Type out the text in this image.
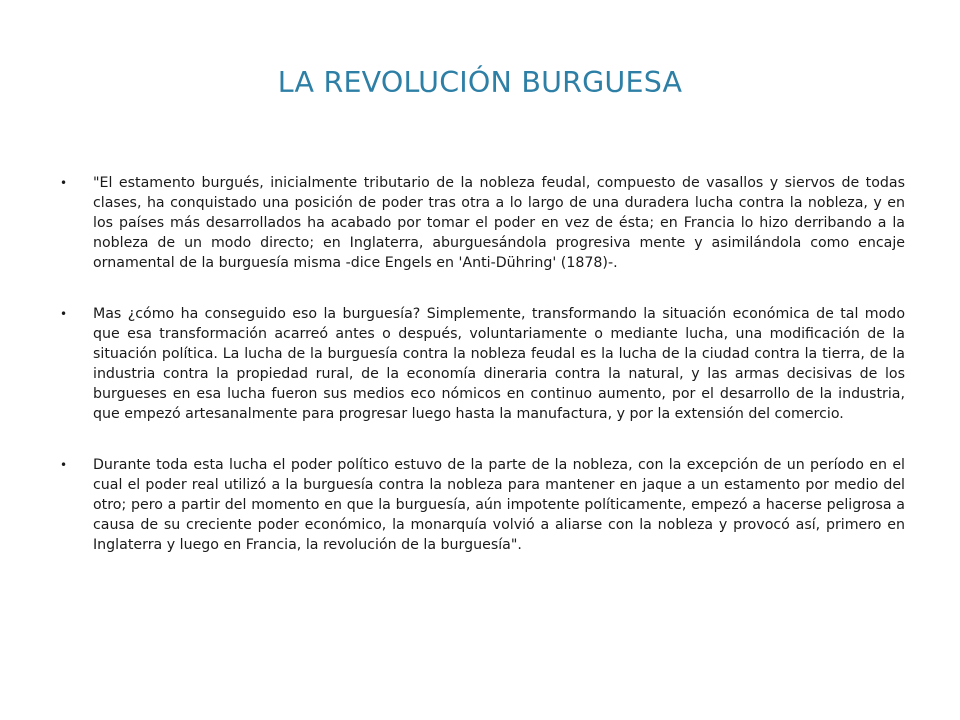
LA REVOLUCIÓN BURGUESA
• "El estamento burgués, inicialmente tributario de la nobleza feudal, compuesto de vasallos y siervos de todas clases, ha conquistado una posición de poder tras otra a lo largo de una duradera lucha contra la nobleza, y en los países más desarrollados ha acabado por tomar el poder en vez de ésta; en Francia lo hizo derribando a la nobleza de un modo directo; en Inglaterra, aburguesándola progresiva mente y asimilándola como encaje ornamental de la burguesía misma -dice Engels en 'Anti-Dühring' (1878)-.
• Mas ¿cómo ha conseguido eso la burguesía? Simplemente, transformando la situación económica de tal modo que esa transformación acarreó antes o después, voluntariamente o mediante lucha, una modificación de la situación política. La lucha de la burguesía contra la nobleza feudal es la lucha de la ciudad contra la tierra, de la industria contra la propiedad rural, de la economía dineraria contra la natural, y las armas decisivas de los burgueses en esa lucha fueron sus medios eco nómicos en continuo aumento, por el desarrollo de la industria, que empezó artesanalmente para progresar luego hasta la manufactura, y por la extensión del comercio.
• Durante toda esta lucha el poder político estuvo de la parte de la nobleza, con la excepción de un período en el cual el poder real utilizó a la burguesía contra la nobleza para mantener en jaque a un estamento por medio del otro; pero a partir del momento en que la burguesía, aún impotente políticamente, empezó a hacerse peligrosa a causa de su creciente poder económico, la monarquía volvió a aliarse con la nobleza y provocó así, primero en Inglaterra y luego en Francia, la revolución de la burguesía".
